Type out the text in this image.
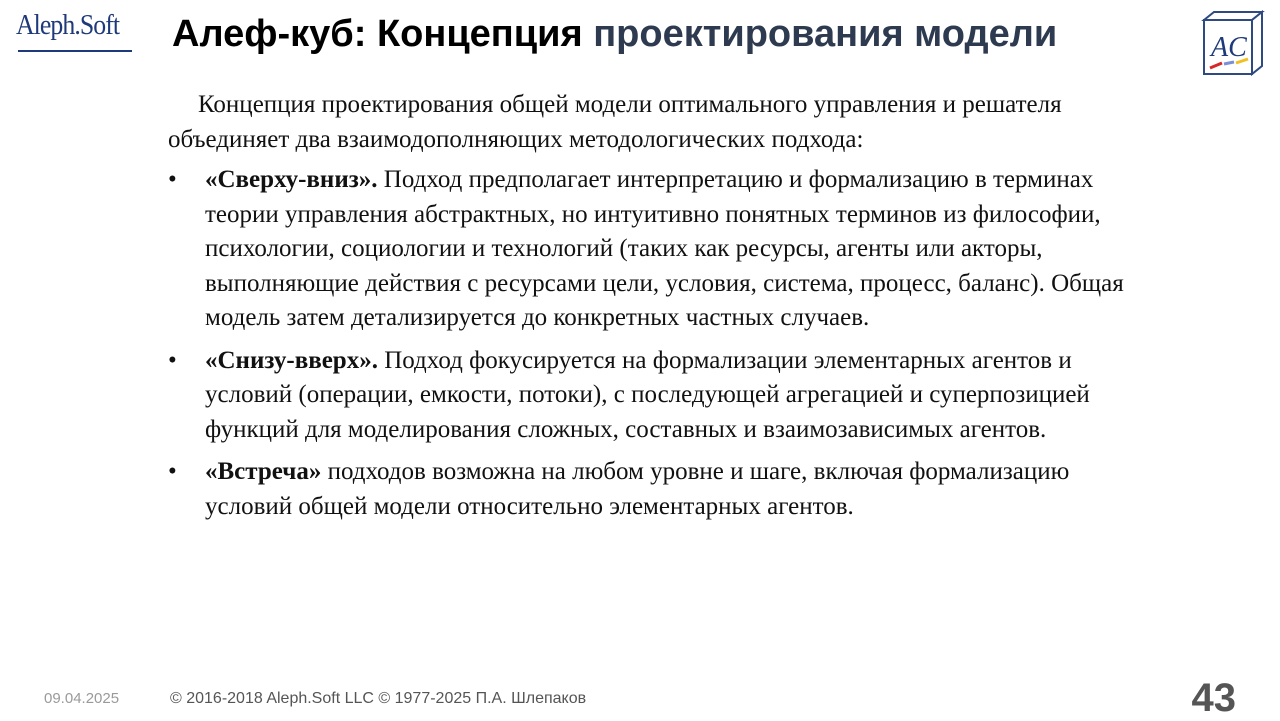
Aleph.Soft	Алеф-куб: Концепция проектирования модели	AC

Концепция проектирования общей модели оптимального управления и решателя объединяет два взаимодополняющих методологических подхода:

• «Сверху-вниз». Подход предполагает интерпретацию и формализацию в терминах теории управления абстрактных, но интуитивно понятных терминов из философии, психологии, социологии и технологий (таких как ресурсы, агенты или акторы, выполняющие действия с ресурсами цели, условия, система, процесс, баланс). Общая модель затем детализируется до конкретных частных случаев.
• «Снизу-вверх». Подход фокусируется на формализации элементарных агентов и условий (операции, емкости, потоки), с последующей агрегацией и суперпозицией функций для моделирования сложных, составных и взаимозависимых агентов.
• «Встреча» подходов возможна на любом уровне и шаге, включая формализацию условий общей модели относительно элементарных агентов.
09.04.2025	© 2016-2018 Aleph.Soft LLC © 1977-2025 П.А. Шлепаков	43
